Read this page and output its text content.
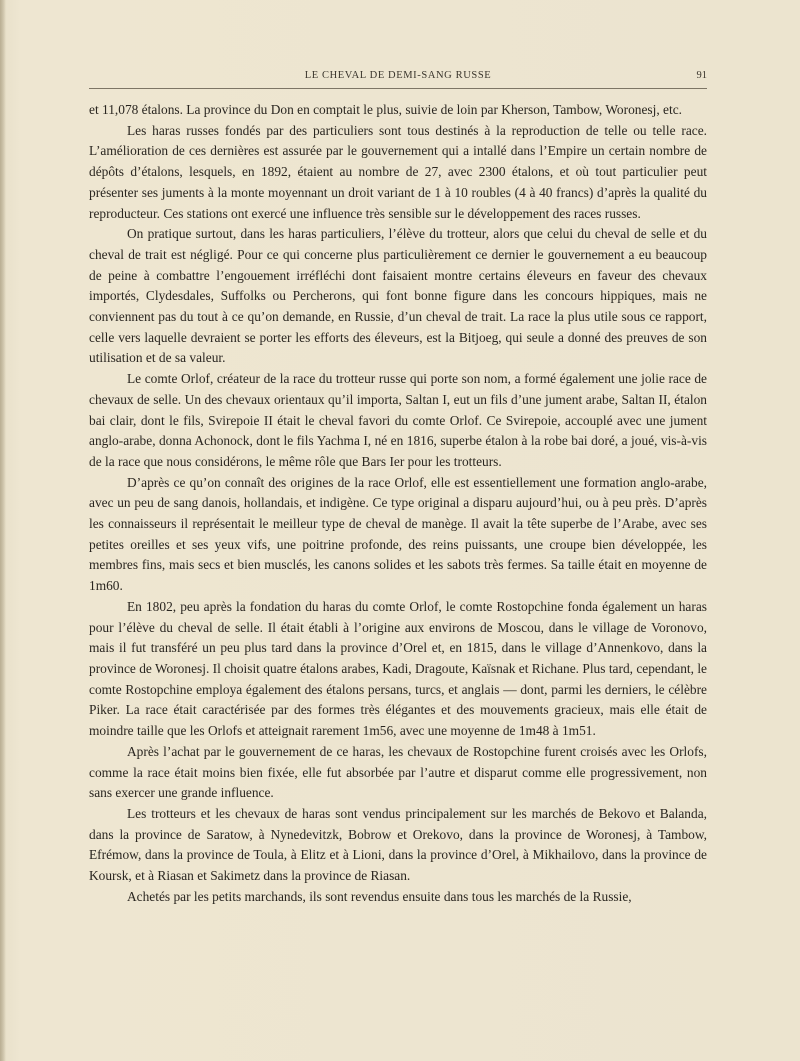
LE CHEVAL DE DEMI-SANG RUSSE	91

et 11,078 étalons. La province du Don en comptait le plus, suivie de loin par Kherson, Tambow, Woronesj, etc.

Les haras russes fondés par des particuliers sont tous destinés à la reproduction de telle ou telle race. L’amélioration de ces dernières est assurée par le gouvernement qui a intallé dans l’Empire un certain nombre de dépôts d’étalons, lesquels, en 1892, étaient au nombre de 27, avec 2300 étalons, et où tout particulier peut présenter ses juments à la monte moyennant un droit variant de 1 à 10 roubles (4 à 40 francs) d’après la qualité du reproducteur. Ces stations ont exercé une influence très sensible sur le développement des races russes.

On pratique surtout, dans les haras particuliers, l’élève du trotteur, alors que celui du cheval de selle et du cheval de trait est négligé. Pour ce qui concerne plus particulièrement ce dernier le gouvernement a eu beaucoup de peine à combattre l’engouement irréfléchi dont faisaient montre certains éleveurs en faveur des chevaux importés, Clydesdales, Suffolks ou Percherons, qui font bonne figure dans les concours hippiques, mais ne conviennent pas du tout à ce qu’on demande, en Russie, d’un cheval de trait. La race la plus utile sous ce rapport, celle vers laquelle devraient se porter les efforts des éleveurs, est la Bitjoeg, qui seule a donné des preuves de son utilisation et de sa valeur.

Le comte Orlof, créateur de la race du trotteur russe qui porte son nom, a formé également une jolie race de chevaux de selle. Un des chevaux orientaux qu’il importa, Saltan I, eut un fils d’une jument arabe, Saltan II, étalon bai clair, dont le fils, Svirepoie II était le cheval favori du comte Orlof. Ce Svirepoie, accouplé avec une jument anglo-arabe, donna Achonock, dont le fils Yachma I, né en 1816, superbe étalon à la robe bai doré, a joué, vis-à-vis de la race que nous considérons, le même rôle que Bars Ier pour les trotteurs.

D’après ce qu’on connaît des origines de la race Orlof, elle est essentiellement une formation anglo-arabe, avec un peu de sang danois, hollandais, et indigène. Ce type original a disparu aujourd’hui, ou à peu près. D’après les connaisseurs il représentait le meilleur type de cheval de manège. Il avait la tête superbe de l’Arabe, avec ses petites oreilles et ses yeux vifs, une poitrine profonde, des reins puissants, une croupe bien développée, les membres fins, mais secs et bien musclés, les canons solides et les sabots très fermes. Sa taille était en moyenne de 1m60.

En 1802, peu après la fondation du haras du comte Orlof, le comte Rostopchine fonda également un haras pour l’élève du cheval de selle. Il était établi à l’origine aux environs de Moscou, dans le village de Voronovo, mais il fut transféré un peu plus tard dans la province d’Orel et, en 1815, dans le village d’Annenkovo, dans la province de Woronesj. Il choisit quatre étalons arabes, Kadi, Dragoute, Kaïsnak et Richane. Plus tard, cependant, le comte Rostopchine employa également des étalons persans, turcs, et anglais — dont, parmi les derniers, le célèbre Piker. La race était caractérisée par des formes très élégantes et des mouvements gracieux, mais elle était de moindre taille que les Orlofs et atteignait rarement 1m56, avec une moyenne de 1m48 à 1m51.

Après l’achat par le gouvernement de ce haras, les chevaux de Rostopchine furent croisés avec les Orlofs, comme la race était moins bien fixée, elle fut absorbée par l’autre et disparut comme elle progressivement, non sans exercer une grande influence.

Les trotteurs et les chevaux de haras sont vendus principalement sur les marchés de Bekovo et Balanda, dans la province de Saratow, à Nynedevitzk, Bobrow et Orekovo, dans la province de Woronesj, à Tambow, Efrémow, dans la province de Toula, à Elitz et à Lioni, dans la province d’Orel, à Mikhailovo, dans la province de Koursk, et à Riasan et Sakimetz dans la province de Riasan.

Achetés par les petits marchands, ils sont revendus ensuite dans tous les marchés de la Russie,
